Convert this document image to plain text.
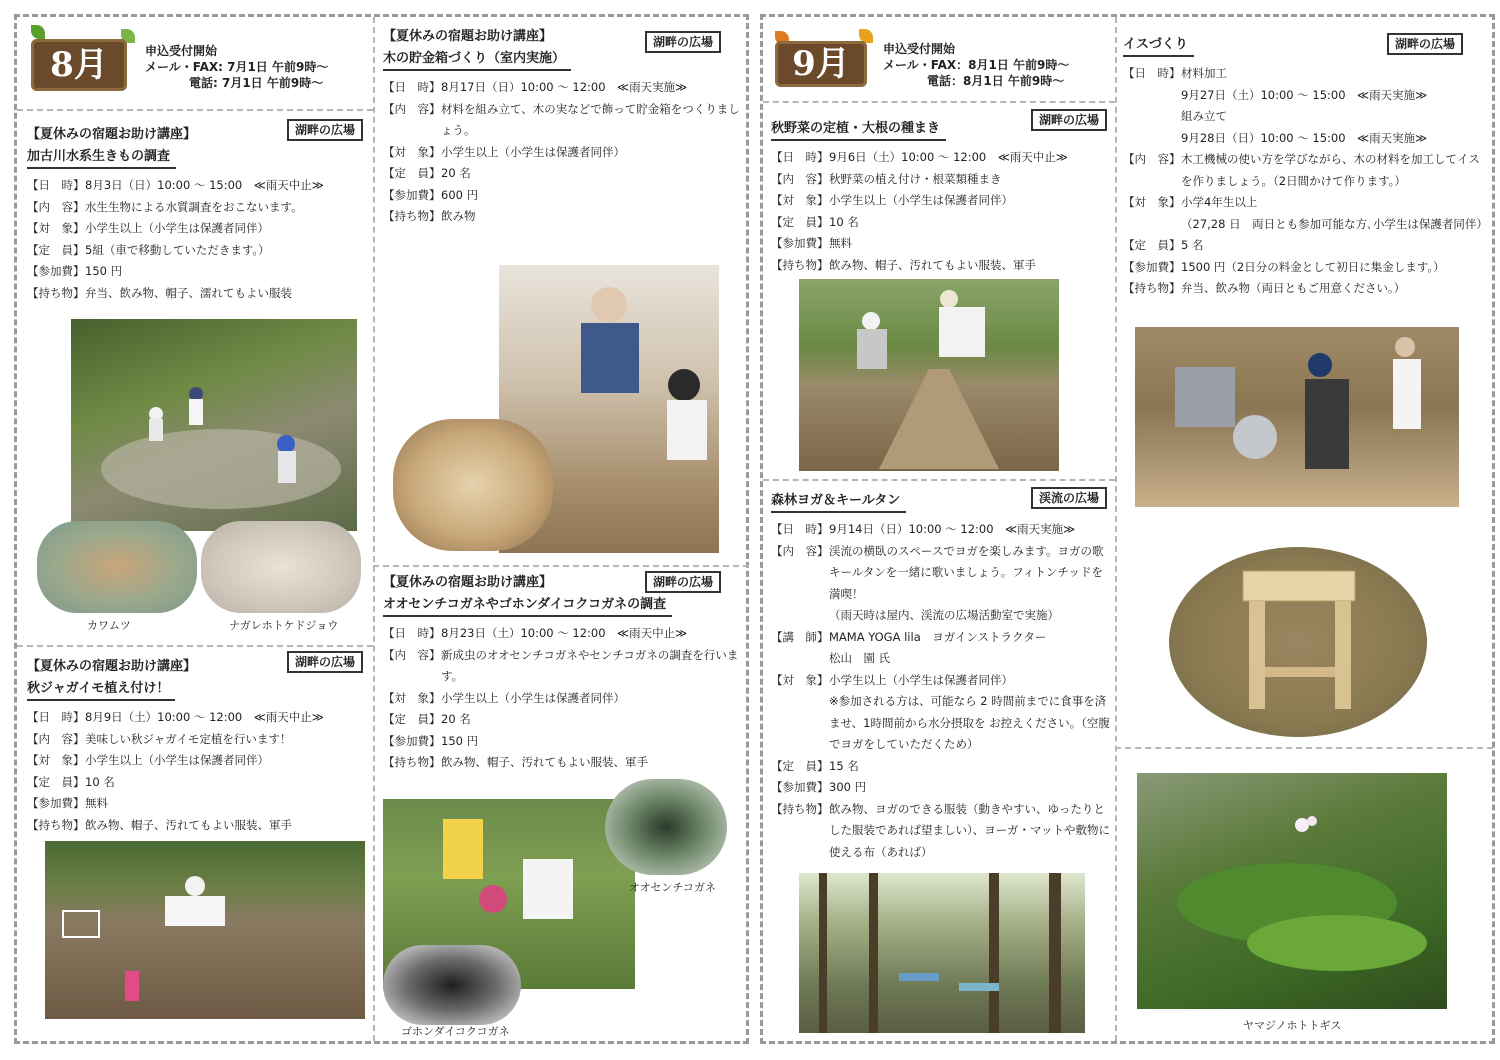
8月	申込受付開始
メール・FAX: 7月1日 午前9時～
電話: 7月1日 午前9時～
湖畔の広場
【夏休みの宿題お助け講座】
加古川水系生きもの調査
【日　時】 8月3日（日）10:00 ～ 15:00　≪雨天中止≫
【内　容】 水生生物による水質調査をおこないます。
【対　象】 小学生以上（小学生は保護者同伴）
【定　員】 5組（車で移動していただきます。）
【参加費】 150 円
【持ち物】 弁当、飲み物、帽子、濡れてもよい服装
カワムツ	ナガレホトケドジョウ
湖畔の広場
【夏休みの宿題お助け講座】
秋ジャガイモ植え付け！
【日　時】 8月9日（土）10:00 ～ 12:00　≪雨天中止≫
【内　容】 美味しい秋ジャガイモ定植を行います！
【対　象】 小学生以上（小学生は保護者同伴）
【定　員】 10 名
【参加費】 無料
【持ち物】 飲み物、帽子、汚れてもよい服装、軍手
湖畔の広場
【夏休みの宿題お助け講座】
木の貯金箱づくり（室内実施）
【日　時】 8月17日（日）10:00 ～ 12:00　≪雨天実施≫
【内　容】 材料を組み立て、木の実などで飾って貯金箱をつくりましょう。
【対　象】 小学生以上（小学生は保護者同伴）
【定　員】 20 名
【参加費】 600 円
【持ち物】 飲み物
湖畔の広場
【夏休みの宿題お助け講座】
オオセンチコガネやゴホンダイコクコガネの調査
【日　時】 8月23日（土）10:00 ～ 12:00　≪雨天中止≫
【内　容】 新成虫のオオセンチコガネやセンチコガネの調査を行います。
【対　象】 小学生以上（小学生は保護者同伴）
【定　員】 20 名
【参加費】 150 円
【持ち物】 飲み物、帽子、汚れてもよい服装、軍手
オオセンチコガネ
ゴホンダイコクコガネ
9月	申込受付開始
メール・FAX：8月1日 午前9時～
電話：8月1日 午前9時～
湖畔の広場
秋野菜の定植・大根の種まき
【日　時】 9月6日（土）10:00 ～ 12:00　≪雨天中止≫
【内　容】 秋野菜の植え付け・根菜類種まき
【対　象】 小学生以上（小学生は保護者同伴）
【定　員】 10 名
【参加費】 無料
【持ち物】 飲み物、帽子、汚れてもよい服装、軍手
渓流の広場
森林ヨガ＆キールタン
【日　時】 9月14日（日）10:00 ～ 12:00　≪雨天実施≫
【内　容】 渓流の横臥のスペースでヨガを楽しみます。ヨガの歌キールタンを一緒に歌いましょう。フィトンチッドを満喫！
（雨天時は屋内、渓流の広場活動室で実施）
【講　師】 MAMA YOGA lila　ヨガインストラクター
松山　園 氏
【対　象】 小学生以上（小学生は保護者同伴）
※参加される方は、可能なら 2 時間前までに食事を済ませ、1時間前から水分摂取を お控えください。（空腹でヨガをしていただくため）
【定　員】 15 名
【参加費】 300 円
【持ち物】 飲み物、ヨガのできる服装（動きやすい、ゆったりとした服装であれば望ましい）、ヨーガ・マットや敷物に使える布（あれば）
湖畔の広場
イスづくり
【日　時】 材料加工
9月27日（土）10:00 ～ 15:00　≪雨天実施≫
組み立て
9月28日（日）10:00 ～ 15:00　≪雨天実施≫
【内　容】 木工機械の使い方を学びながら、木の材料を加工してイスを作りましょう。（2日間かけて作ります。）
【対　象】 小学4年生以上
（27,28 日　両日とも参加可能な方､小学生は保護者同伴）
【定　員】 5 名
【参加費】 1500 円（2日分の料金として初日に集金します。）
【持ち物】 弁当、飲み物（両日ともご用意ください。）
ヤマジノホトトギス
